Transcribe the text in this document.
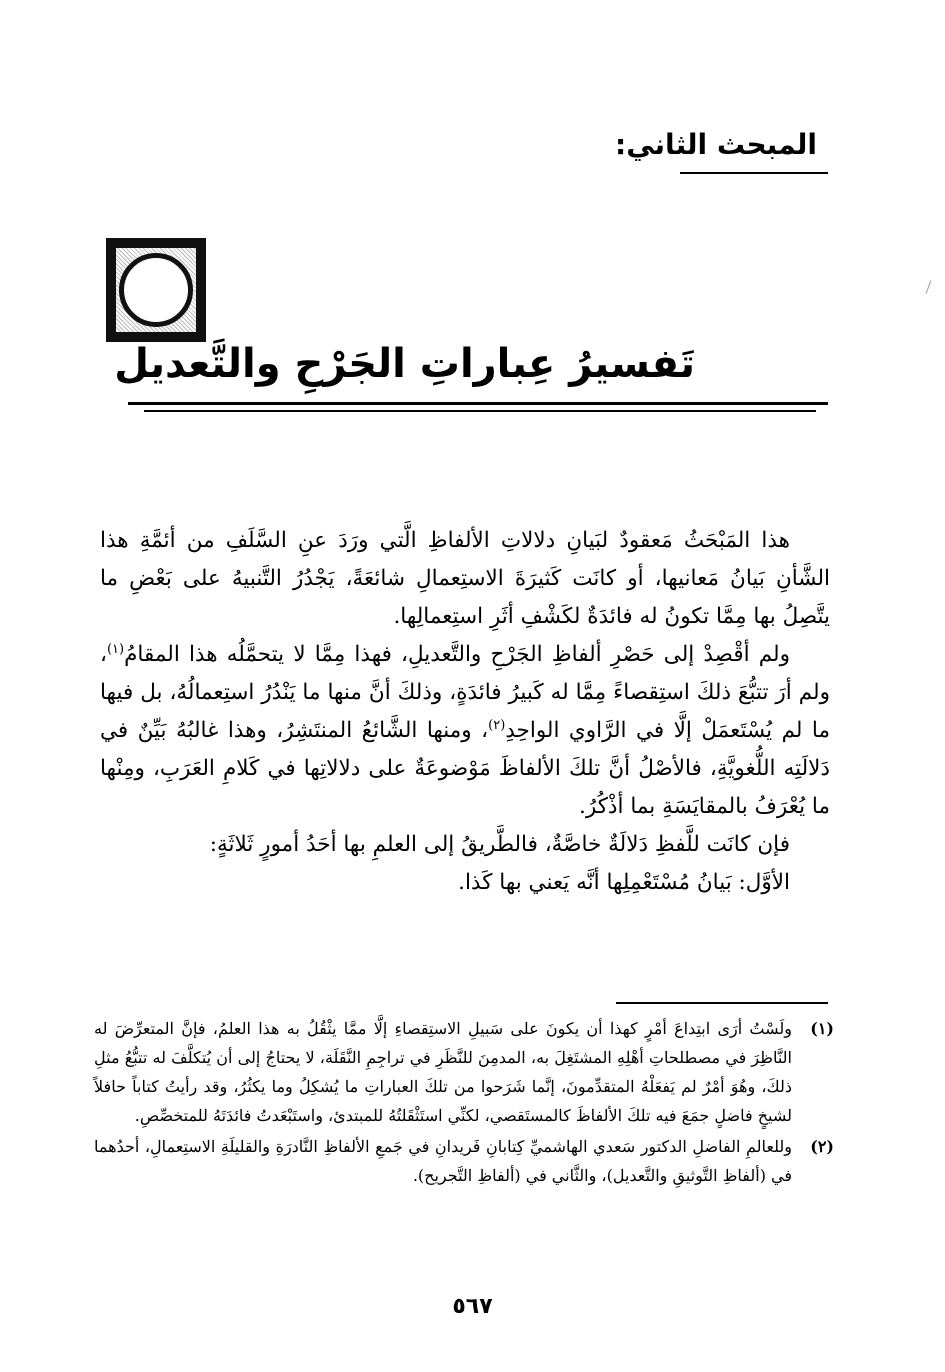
المبحث الثاني:
تَفسيرُ عِباراتِ الجَرْحِ والتَّعديل

هذا المَبْحَثُ مَعقودٌ لبَيانِ دلالاتِ الألفاظِ الَّتي ورَدَ عنِ السَّلَفِ من أئمَّةِ هذا الشَّأنِ بَيانُ مَعانيها، أو كانَت كَثيرَةَ الاستِعمالِ شائعَةً، يَجْدُرُ التَّنبيهُ على بَعْضِ ما يتَّصِلُ بها مِمَّا تكونُ له فائدَةٌ لكَشْفِ أثَرِ استِعمالِها.

ولم أقْصِدْ إلى حَصْرِ ألفاظِ الجَرْحِ والتَّعديلِ، فهذا مِمَّا لا يتحمَّلُه هذا المقامُ$^{(١)}$، ولم أرَ تتبُّعَ ذلكَ استِقصاءً مِمَّا له كَبيرُ فائدَةٍ، وذلكَ أنَّ منها ما يَنْدُرُ استِعمالُهُ، بل فيها ما لم يُسْتَعمَلْ إلَّا في الرَّاوي الواحِدِ$^{(٢)}$، ومنها الشَّائعُ المنتَشِرُ، وهذا غالبُهُ بَيِّنٌ في دَلالَتِه اللُّغويَّةِ، فالأصْلُ أنَّ تلكَ الألفاظَ مَوْضوعَةٌ على دلالاتِها في كَلامِ العَرَبِ، ومِنْها ما يُعْرَفُ بالمقايَسَةِ بما أذْكُرُ.

فإن كانَت للَّفظِ دَلالَةٌ خاصَّةٌ، فالطَّريقُ إلى العلمِ بها أحَدُ أمورٍ ثَلاثَةٍ:

الأوَّل: بَيانُ مُسْتَعْمِلِها أنَّه يَعني بها كَذا.

(١)
ولَسْتُ أرَى ابتِداعَ أمْرٍ كهذا أن يكونَ على سَبيلِ الاستِقصاءِ إلَّا ممَّا يثْقُلُ به هذا العلمُ، فإنَّ المتعرِّضَ له النَّاظِرَ في مصطلحاتِ أهْلِهِ المشتَغِلَ به، المدمِنَ للنَّظَرِ في تراجِمِ النَّقَلَة، لا يحتاجُ إلى أن يُتكلَّفَ له تتبُّعُ مثلِ ذلكَ، وهُوَ أمْرٌ لم يَفعَلْهُ المتقدِّمونَ، إنَّما شَرَحوا من تلكَ العباراتِ ما يُشكِلُ وما يكثُرُ، وقد رأيتُ كتاباً حافلاً لشيخٍ فاضلٍ جمَعَ فيه تلكَ الألفاظَ كالمستَقصي، لكنِّي استَثْقَلتُهُ للمبتدئ، واستَبْعَدتُ فائدَتَهُ للمتخصِّصِ.
(٢)
وللعالمِ الفاضلِ الدكتور سَعدي الهاشميِّ كِتابانِ فَريدانِ في جَمعِ الألفاظِ النَّادرَةِ والقليلَةِ الاستِعمالِ، أحدُهما في (ألفاظِ التَّوثيقِ والتَّعديل)، والثَّاني في (ألفاظِ التَّجريح).
٥٦٧
